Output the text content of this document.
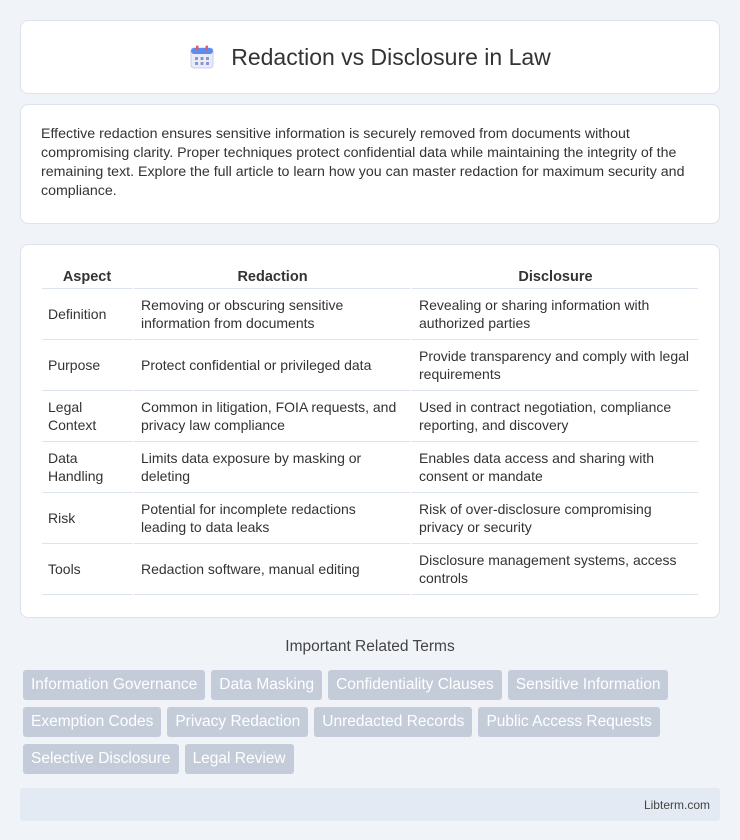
Redaction vs Disclosure in Law
Effective redaction ensures sensitive information is securely removed from documents without compromising clarity. Proper techniques protect confidential data while maintaining the integrity of the remaining text. Explore the full article to learn how you can master redaction for maximum security and compliance.
Aspect	Redaction	Disclosure
Definition	Removing or obscuring sensitive information from documents	Revealing or sharing information with authorized parties
Purpose	Protect confidential or privileged data	Provide transparency and comply with legal requirements
Legal Context	Common in litigation, FOIA requests, and privacy law compliance	Used in contract negotiation, compliance reporting, and discovery
Data Handling	Limits data exposure by masking or deleting	Enables data access and sharing with consent or mandate
Risk	Potential for incomplete redactions leading to data leaks	Risk of over-disclosure compromising privacy or security
Tools	Redaction software, manual editing	Disclosure management systems, access controls
Important Related Terms
Information Governance	Data Masking	Confidentiality Clauses	Sensitive Information
Exemption Codes	Privacy Redaction	Unredacted Records	Public Access Requests
Selective Disclosure	Legal Review
Libterm.com
